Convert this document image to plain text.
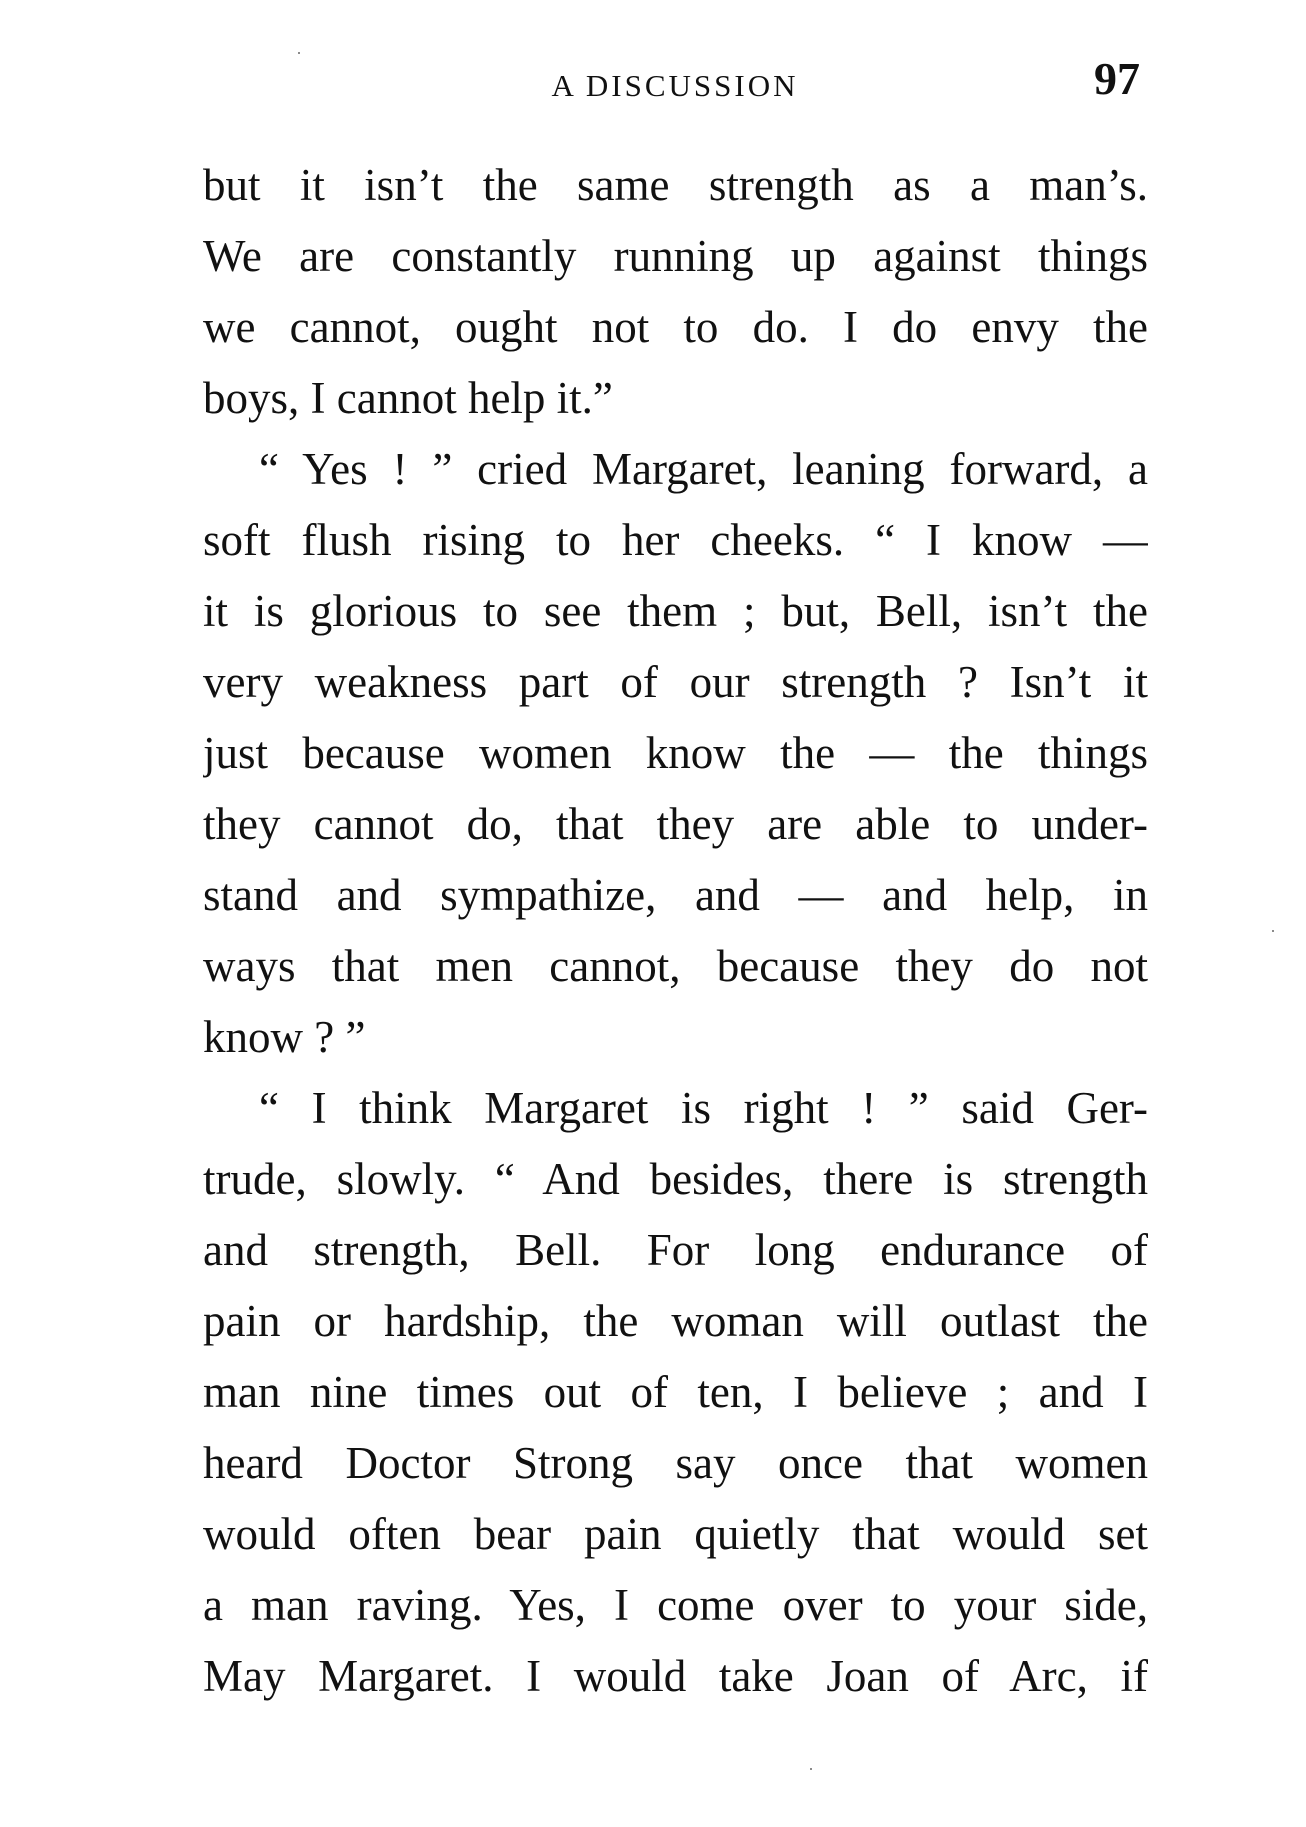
A DISCUSSION	97
but it isn’t the same strength as a man’s.
We are constantly running up against things
we cannot, ought not to do. I do envy the
boys, I cannot help it.”
“ Yes ! ” cried Margaret, leaning forward, a
soft flush rising to her cheeks. “ I know —
it is glorious to see them ; but, Bell, isn’t the
very weakness part of our strength ? Isn’t it
just because women know the — the things
they cannot do, that they are able to under-
stand and sympathize, and — and help, in
ways that men cannot, because they do not
know ? ”
“ I think Margaret is right ! ” said Ger-
trude, slowly. “ And besides, there is strength
and strength, Bell. For long endurance of
pain or hardship, the woman will outlast the
man nine times out of ten, I believe ; and I
heard Doctor Strong say once that women
would often bear pain quietly that would set
a man raving. Yes, I come over to your side,
May Margaret. I would take Joan of Arc, if
